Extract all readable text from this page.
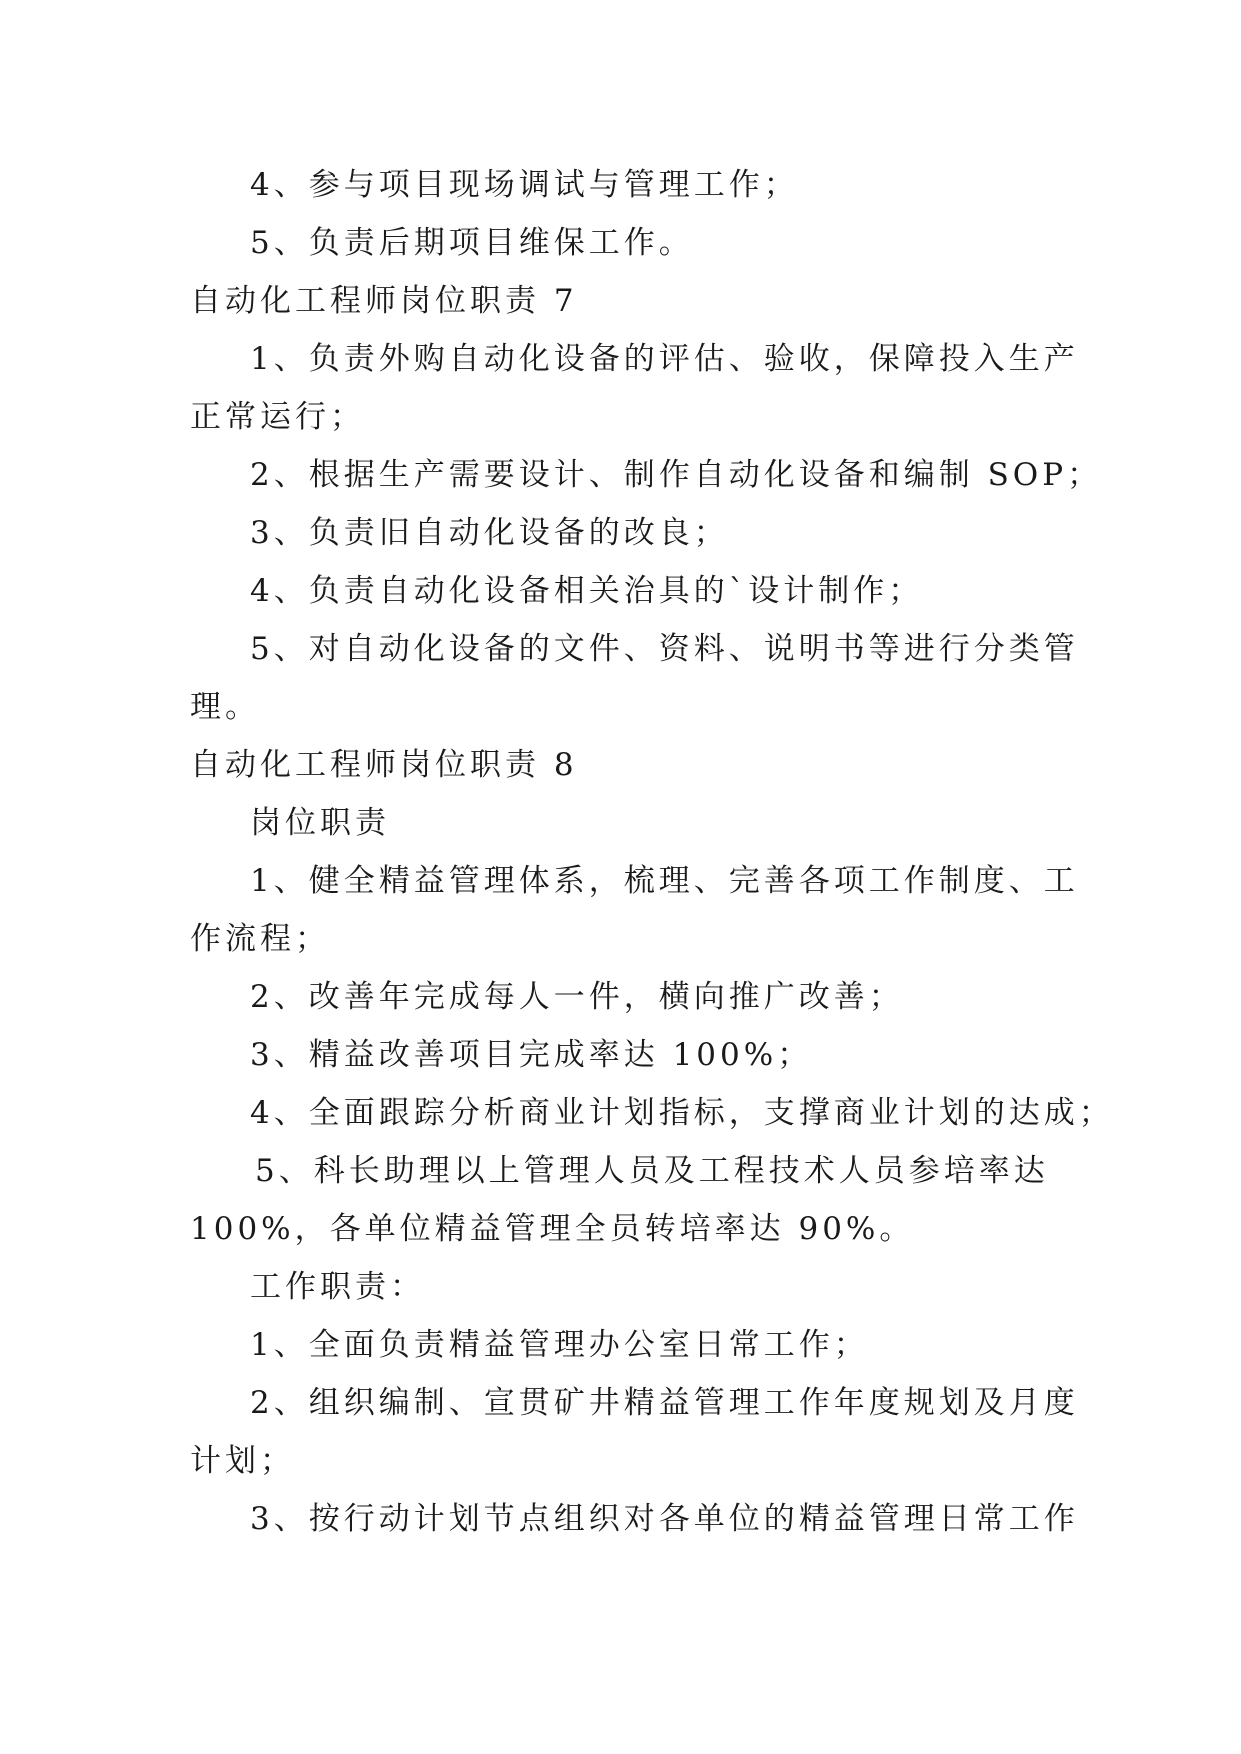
4、参与项目现场调试与管理工作；
5、负责后期项目维保工作。
自动化工程师岗位职责 7
1、负责外购自动化设备的评估、验收，保障投入生产
正常运行；
2、根据生产需要设计、制作自动化设备和编制 SOP；
3、负责旧自动化设备的改良；
4、负责自动化设备相关治具的`设计制作；
5、对自动化设备的文件、资料、说明书等进行分类管
理。
自动化工程师岗位职责 8
岗位职责
1、健全精益管理体系，梳理、完善各项工作制度、工
作流程；
2、改善年完成每人一件，横向推广改善；
3、精益改善项目完成率达 100%；
4、全面跟踪分析商业计划指标，支撑商业计划的达成；
5、科长助理以上管理人员及工程技术人员参培率达
100%，各单位精益管理全员转培率达 90%。
工作职责：
1、全面负责精益管理办公室日常工作；
2、组织编制、宣贯矿井精益管理工作年度规划及月度
计划；
3、按行动计划节点组织对各单位的精益管理日常工作
